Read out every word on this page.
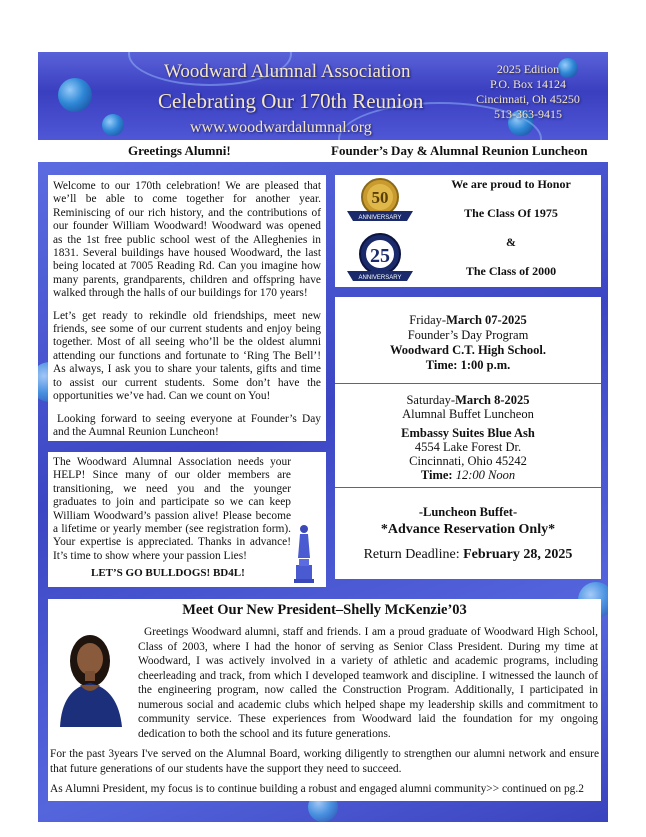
Woodward Alumnal Association
Celebrating Our 170th Reunion
www.woodwardalumnal.org
2025 Edition
P.O. Box 14124
Cincinnati, Oh 45250
513-363-9415
Greetings Alumni!	Founder’s Day & Alumnal Reunion Luncheon

Welcome to our 170th celebration! We are pleased that we’ll be able to come together for another year. Reminiscing of our rich history, and the contributions of our founder William Woodward! Woodward was opened as the 1st free public school west of the Alleghenies in 1831. Several buildings have housed Woodward, the last being located at 7005 Reading Rd. Can you imagine how many parents, grandparents, children and offspring have walked through the halls of our buildings for 170 years!

Let’s get ready to rekindle old friendships, meet new friends, see some of our current students and enjoy being together. Most of all seeing who’ll be the oldest alumni attending our functions and fortunate to ‘Ring The Bell’! As always, I ask you to share your talents, gifts and time to assist our current students. Some don’t have the opportunities we’ve had. Can we count on You!

Looking forward to seeing everyone at Founder’s Day and the Aumnal Reunion Luncheon!

The Woodward Alumnal Association needs your HELP! Since many of our older members are transitioning, we need you and the younger graduates to join and participate so we can keep William Woodward’s passion alive! Please become a lifetime or yearly member (see registration form). Your expertise is appreciated. Thanks in advance! It’s time to show where your passion Lies!

LET’S GO BULLDOGS! BD4L!
50
ANNIVERSARY
25
ANNIVERSARY
We are proud to Honor
The Class Of 1975
&
The Class of 2000
Friday-March 07-2025
Founder’s Day Program
Woodward C.T. High School.
Time: 1:00 p.m.
Saturday-March 8-2025
Alumnal Buffet Luncheon
Embassy Suites Blue Ash
4554 Lake Forest Dr.
Cincinnati, Ohio 45242
Time: 12:00 Noon
-Luncheon Buffet-
*Advance Reservation Only*
Return Deadline: February 28, 2025
Meet Our New President–Shelly McKenzie’03

Greetings Woodward alumni, staff and friends. I am a proud graduate of Woodward High School, Class of 2003, where I had the honor of serving as Senior Class President. During my time at Woodward, I was actively involved in a variety of athletic and academic programs, including cheerleading and track, from which I developed teamwork and discipline. I witnessed the launch of the engineering program, now called the Construction Program. Additionally, I participated in numerous social and academic clubs which helped shape my leadership skills and commitment to community service. These experiences from Woodward laid the foundation for my ongoing dedication to both the school and its future generations.

For the past 3years I've served on the Alumnal Board, working diligently to strengthen our alumni network and ensure that future generations of our students have the support they need to succeed.

As Alumni President, my focus is to continue building a robust and engaged alumni community>> continued on pg.2
